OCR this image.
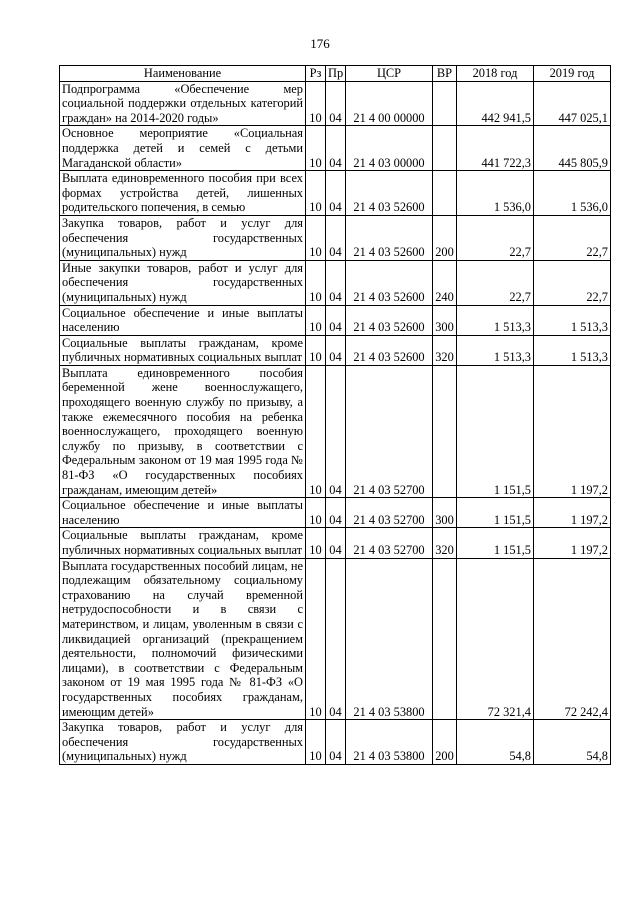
176
Наименование	Рз	Пр	ЦСР	ВР	2018 год	2019 год
Подпрограмма «Обеспечение мер социальной поддержки отдельных категорий граждан» на 2014-2020 годы»	10	04	21 4 00 00000		442 941,5	447 025,1
Основное мероприятие «Социальная поддержка детей и семей с детьми Магаданской области»	10	04	21 4 03 00000		441 722,3	445 805,9
Выплата единовременного пособия при всех формах устройства детей, лишенных родительского попечения, в семью	10	04	21 4 03 52600		1 536,0	1 536,0
Закупка товаров, работ и услуг для обеспечения государственных (муниципальных) нужд	10	04	21 4 03 52600	200	22,7	22,7
Иные закупки товаров, работ и услуг для обеспечения государственных (муниципальных) нужд	10	04	21 4 03 52600	240	22,7	22,7
Социальное обеспечение и иные выплаты населению	10	04	21 4 03 52600	300	1 513,3	1 513,3
Социальные выплаты гражданам, кроме публичных нормативных социальных выплат	10	04	21 4 03 52600	320	1 513,3	1 513,3
Выплата единовременного пособия беременной жене военнослужащего, проходящего военную службу по призыву, а также ежемесячного пособия на ребенка военнослужащего, проходящего военную службу по призыву, в соответствии с Федеральным законом от 19 мая 1995 года № 81-ФЗ «О государственных пособиях гражданам, имеющим детей»	10	04	21 4 03 52700		1 151,5	1 197,2
Социальное обеспечение и иные выплаты населению	10	04	21 4 03 52700	300	1 151,5	1 197,2
Социальные выплаты гражданам, кроме публичных нормативных социальных выплат	10	04	21 4 03 52700	320	1 151,5	1 197,2
Выплата государственных пособий лицам, не подлежащим обязательному социальному страхованию на случай временной нетрудоспособности и в связи с материнством, и лицам, уволенным в связи с ликвидацией организаций (прекращением деятельности, полномочий физическими лицами), в соответствии с Федеральным законом от 19 мая 1995 года № 81-ФЗ «О государственных пособиях гражданам, имеющим детей»	10	04	21 4 03 53800		72 321,4	72 242,4
Закупка товаров, работ и услуг для обеспечения государственных (муниципальных) нужд	10	04	21 4 03 53800	200	54,8	54,8
